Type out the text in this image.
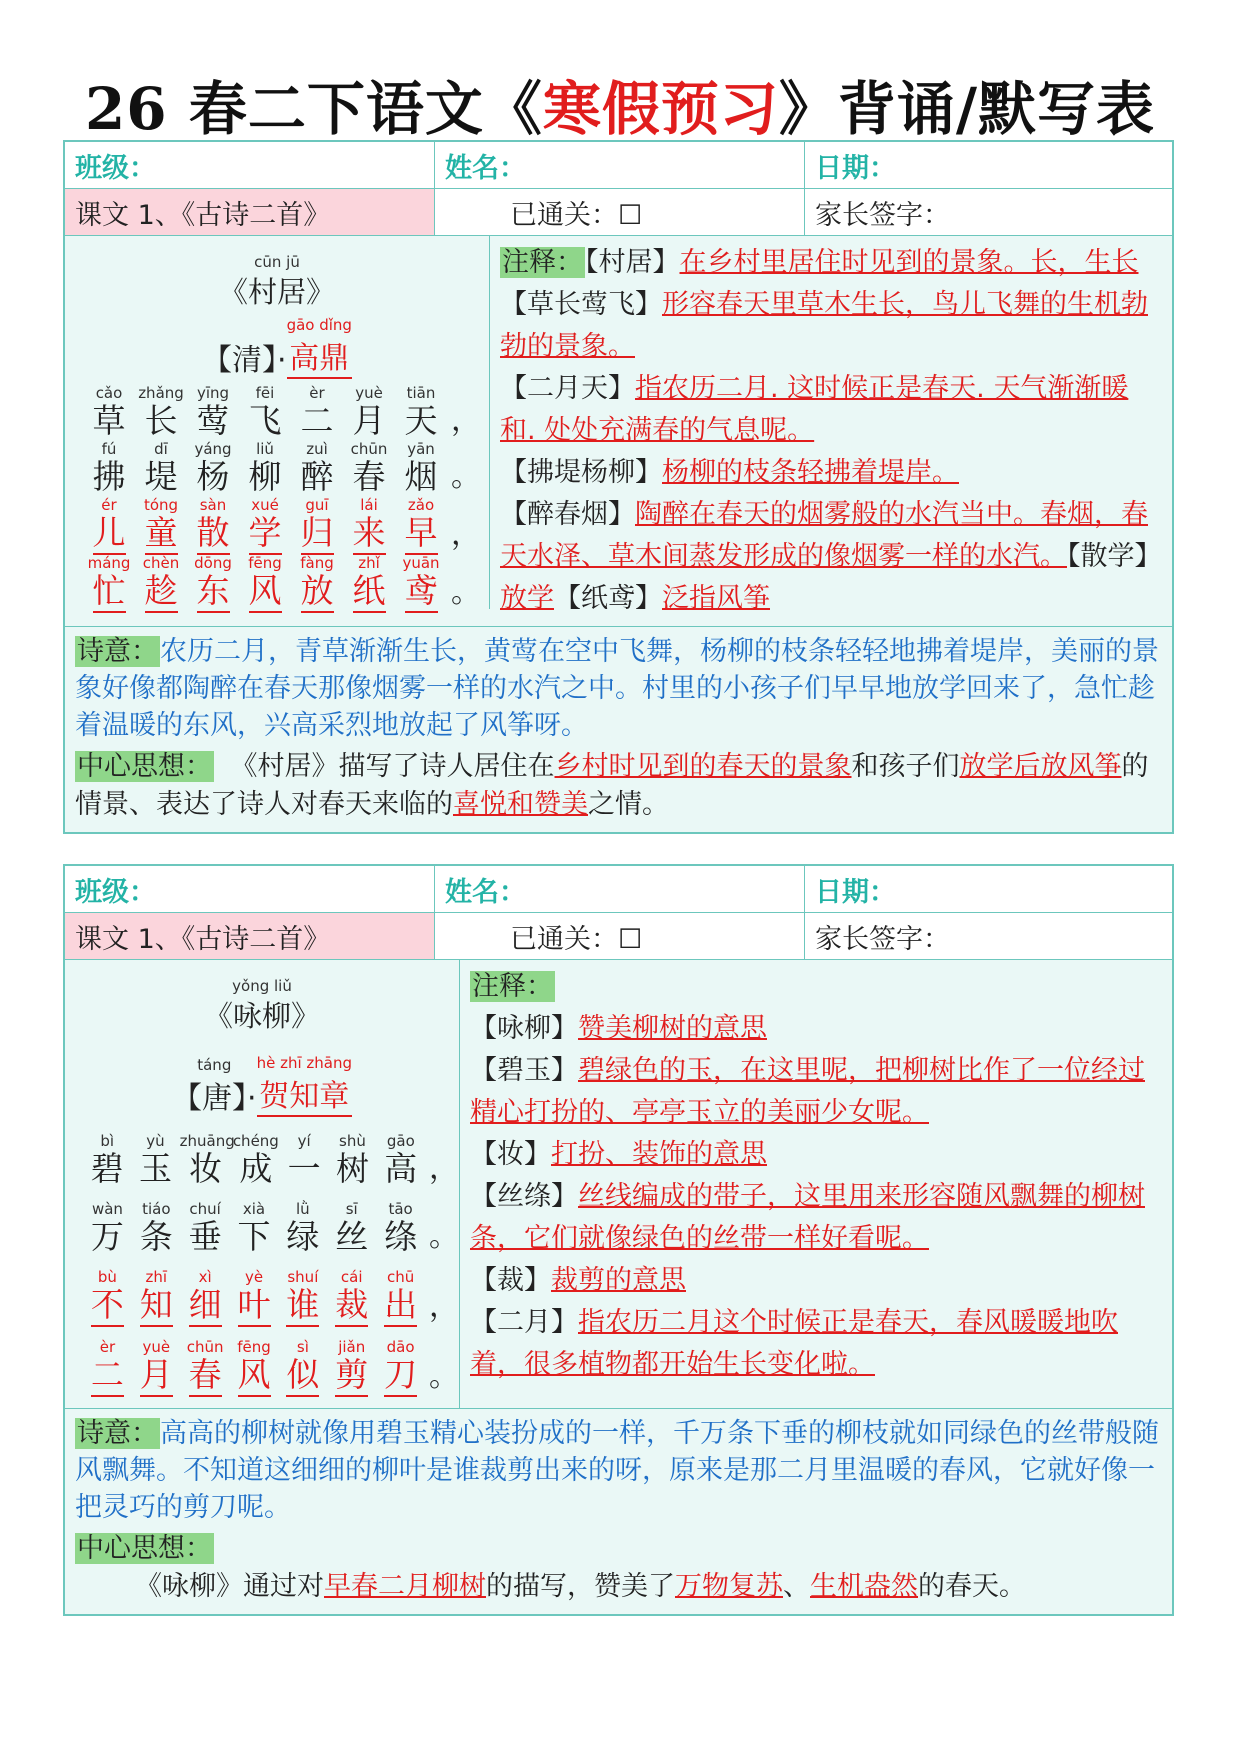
26 春二下语文《寒假预习》背诵/默写表
班级：	姓名：	日期：
课文 1、《古诗二首》	已通关：☐	家长签字：
cūn jū
《村居》

【清】·
gāo dǐng
高鼎
cǎo
草
zhǎng
长
yīng
莺
fēi
飞
èr
二
yuè
月
tiān
天 ，
fú
拂
dī
堤
yáng
杨
liǔ
柳
zuì
醉
chūn
春
yān
烟 。
ér
儿
tóng
童
sàn
散
xué
学
guī
归
lái
来
zǎo
早 ，
máng
忙
chèn
趁
dōng
东
fēng
风
fàng
放
zhǐ
纸
yuān
鸢 。
注释：【村居】在乡村里居住时见到的景象。长，生长【草长莺飞】形容春天里草木生长，鸟儿飞舞的生机勃勃的景象。

【二月天】指农历二月. 这时候正是春天. 天气渐渐暖和. 处处充满春的气息呢。
【拂堤杨柳】杨柳的枝条轻拂着堤岸。
【醉春烟】陶醉在春天的烟雾般的水汽当中。春烟，春天水泽、草木间蒸发形成的像烟雾一样的水汽。【散学】放学【纸鸢】泛指风筝
诗意：农历二月，青草渐渐生长，黄莺在空中飞舞，杨柳的枝条轻轻地拂着堤岸，美丽的景象好像都陶醉在春天那像烟雾一样的水汽之中。村里的小孩子们早早地放学回来了，急忙趁着温暖的东风，兴高采烈地放起了风筝呀。
中心思想： 《村居》描写了诗人居住在乡村时见到的春天的景象和孩子们放学后放风筝的情景、表达了诗人对春天来临的喜悦和赞美之情。
班级：	姓名：	日期：
课文 1、《古诗二首》	已通关：☐	家长签字：
yǒng liǔ
《咏柳》
táng
【唐】·
hè zhī zhāng
贺知章
bì
碧
yù
玉
zhuāng
妆
chéng
成
yí
一
shù
树
gāo
高 ，
wàn
万
tiáo
条
chuí
垂
xià
下
lǜ
绿
sī
丝
tāo
绦 。
bù
不
zhī
知
xì
细
yè
叶
shuí
谁
cái
裁
chū
出 ，
èr
二
yuè
月
chūn
春
fēng
风
sì
似
jiǎn
剪
dāo
刀 。
注释：
【咏柳】赞美柳树的意思
【碧玉】碧绿色的玉，在这里呢，把柳树比作了一位经过精心打扮的、亭亭玉立的美丽少女呢。
【妆】打扮、装饰的意思
【丝绦】丝线编成的带子，这里用来形容随风飘舞的柳树条，它们就像绿色的丝带一样好看呢。
【裁】裁剪的意思
【二月】指农历二月这个时候正是春天，春风暖暖地吹着，很多植物都开始生长变化啦。
诗意：高高的柳树就像用碧玉精心装扮成的一样，千万条下垂的柳枝就如同绿色的丝带般随风飘舞。不知道这细细的柳叶是谁裁剪出来的呀，原来是那二月里温暖的春风，它就好像一把灵巧的剪刀呢。
中心思想：
《咏柳》通过对早春二月柳树的描写，赞美了万物复苏、生机盎然的春天。
